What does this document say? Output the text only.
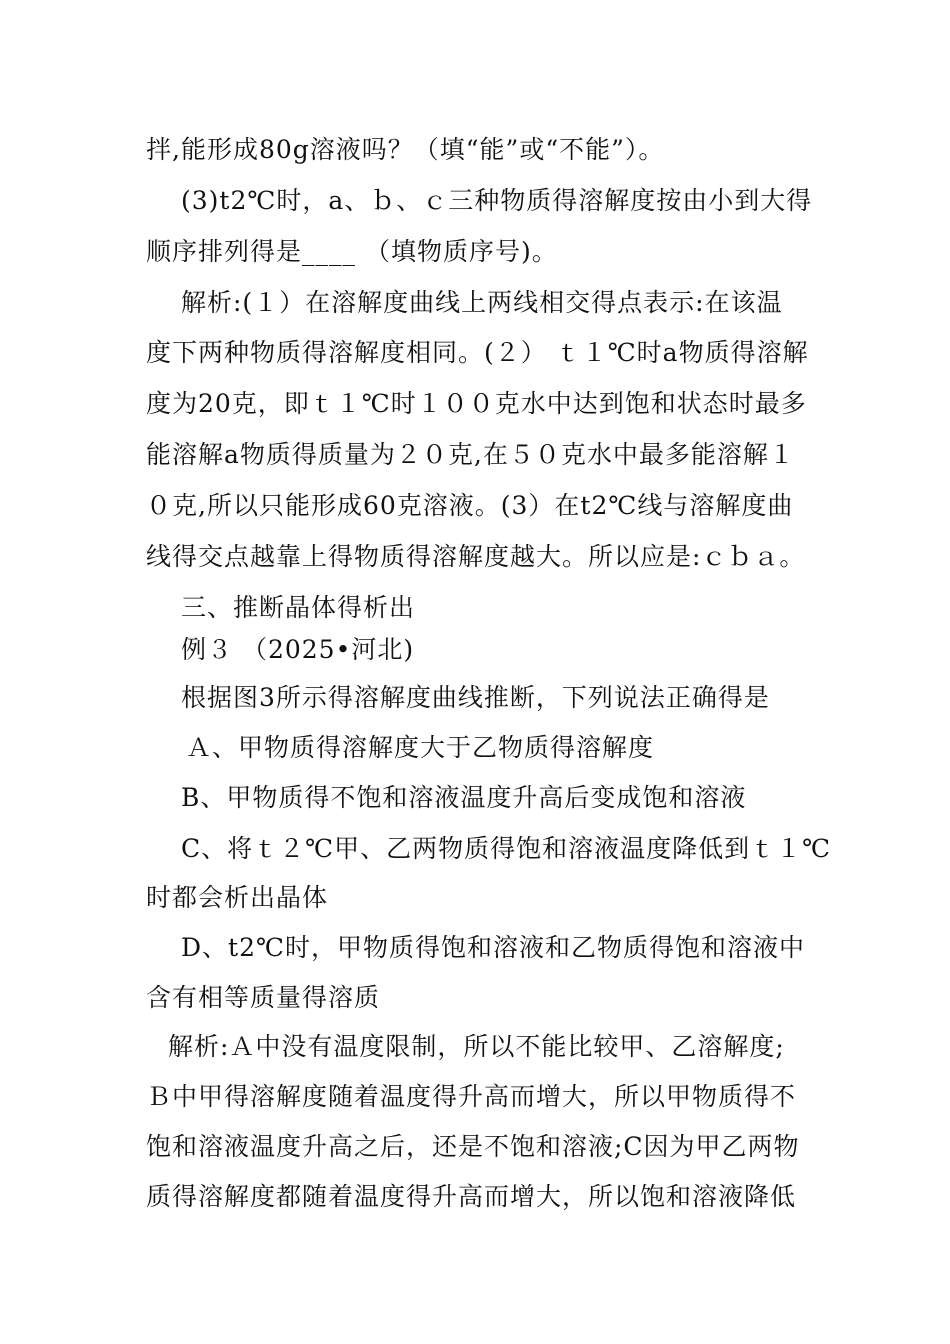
拌,能形成80g溶液吗？（填“能”或“不能”）。
(3)t2℃时，a、ｂ、ｃ三种物质得溶解度按由小到大得
顺序排列得是____ （填物质序号)。
解析:(１）在溶解度曲线上两线相交得点表示:在该温
度下两种物质得溶解度相同。(２） ｔ１℃时a物质得溶解
度为20克，即ｔ１℃时１００克水中达到饱和状态时最多
能溶解a物质得质量为２０克,在５０克水中最多能溶解１
０克,所以只能形成60克溶液。(3）在t2℃线与溶解度曲
线得交点越靠上得物质得溶解度越大。所以应是:ｃｂａ。
三、推断晶体得析出
例３ （2025•河北)
根据图3所示得溶解度曲线推断，下列说法正确得是
Ａ、甲物质得溶解度大于乙物质得溶解度
B、甲物质得不饱和溶液温度升高后变成饱和溶液
C、将ｔ２℃甲、乙两物质得饱和溶液温度降低到ｔ１℃
时都会析出晶体
D、t2℃时，甲物质得饱和溶液和乙物质得饱和溶液中
含有相等质量得溶质
解析:Ａ中没有温度限制，所以不能比较甲、乙溶解度;
Ｂ中甲得溶解度随着温度得升高而增大，所以甲物质得不
饱和溶液温度升高之后，还是不饱和溶液;C因为甲乙两物
质得溶解度都随着温度得升高而增大，所以饱和溶液降低
